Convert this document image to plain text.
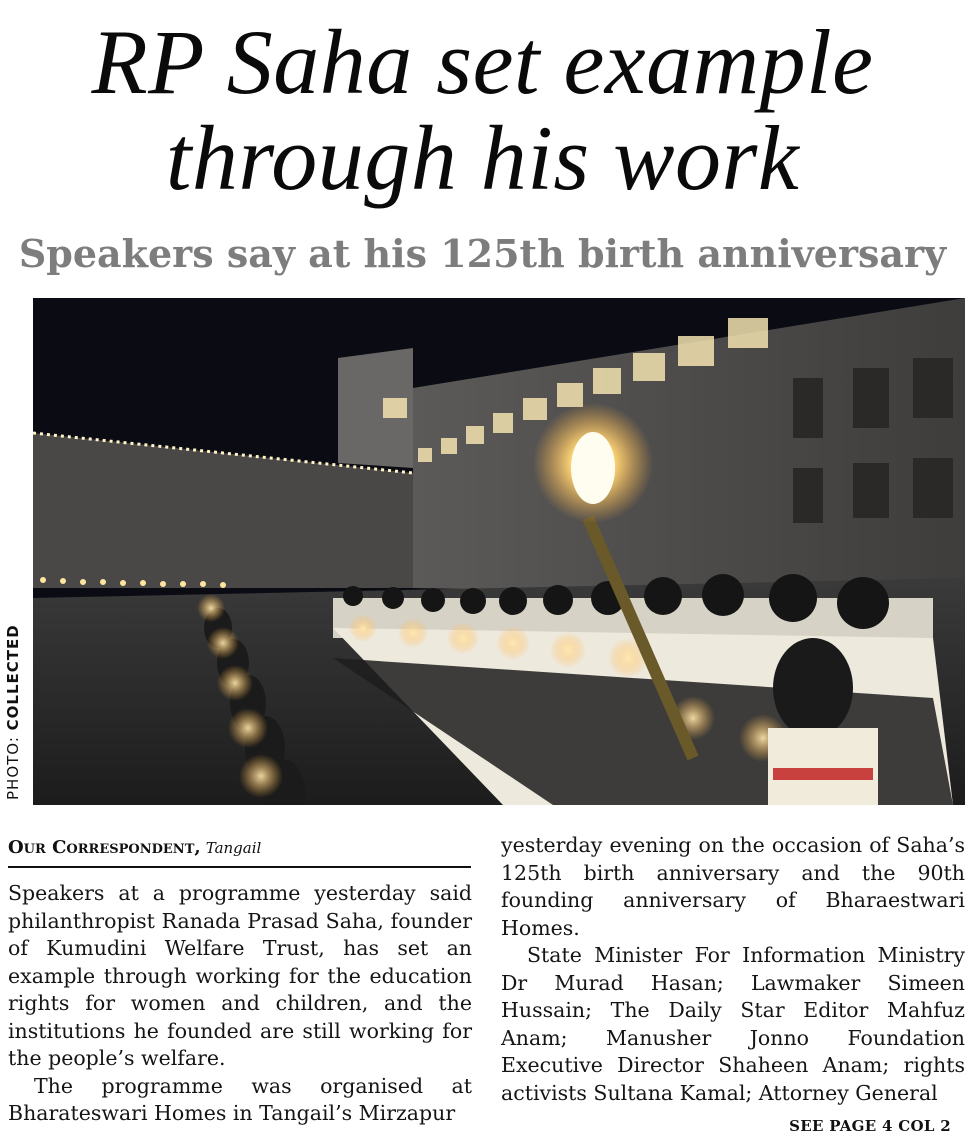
RP Saha set example
through his work
Speakers say at his 125th birth anniversary
PHOTO: COLLECTED
Our Correspondent, Tangail

Speakers at a programme yesterday said philanthropist Ranada Prasad Saha, founder of Kumudini Welfare Trust, has set an example through working for the education rights for women and children, and the institutions he founded are still working for the people’s welfare.

The programme was organised at Bharateswari Homes in Tangail’s Mirzapur

yesterday evening on the occasion of Saha’s 125th birth anniversary and the 90th founding anniversary of Bharaestwari Homes.

State Minister For Information Ministry Dr Murad Hasan; Lawmaker Simeen Hussain; The Daily Star Editor Mahfuz Anam; Manusher Jonno Foundation Executive Director Shaheen Anam; rights activists Sultana Kamal; Attorney General

SEE PAGE 4 COL 2
